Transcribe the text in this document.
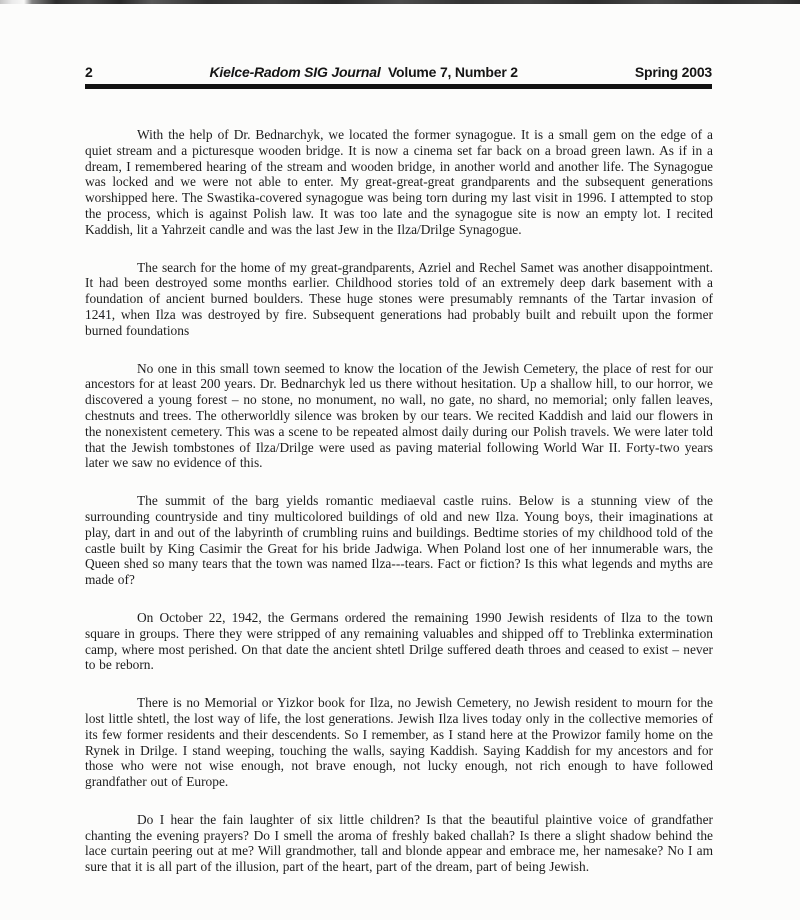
2	Kielce-Radom SIG Journal Volume 7, Number 2	Spring 2003

With the help of Dr. Bednarchyk, we located the former synagogue. It is a small gem on the edge of a quiet stream and a picturesque wooden bridge. It is now a cinema set far back on a broad green lawn. As if in a dream, I remembered hearing of the stream and wooden bridge, in another world and another life. The Synagogue was locked and we were not able to enter. My great-great-great grandparents and the subsequent generations worshipped here. The Swastika-covered synagogue was being torn during my last visit in 1996. I attempted to stop the process, which is against Polish law. It was too late and the synagogue site is now an empty lot. I recited Kaddish, lit a Yahrzeit candle and was the last Jew in the Ilza/Drilge Synagogue.

The search for the home of my great-grandparents, Azriel and Rechel Samet was another disappointment. It had been destroyed some months earlier. Childhood stories told of an extremely deep dark basement with a foundation of ancient burned boulders. These huge stones were presumably remnants of the Tartar invasion of 1241, when Ilza was destroyed by fire. Subsequent generations had probably built and rebuilt upon the former burned foundations

No one in this small town seemed to know the location of the Jewish Cemetery, the place of rest for our ancestors for at least 200 years. Dr. Bednarchyk led us there without hesitation. Up a shallow hill, to our horror, we discovered a young forest – no stone, no monument, no wall, no gate, no shard, no memorial; only fallen leaves, chestnuts and trees. The otherworldly silence was broken by our tears. We recited Kaddish and laid our flowers in the nonexistent cemetery. This was a scene to be repeated almost daily during our Polish travels. We were later told that the Jewish tombstones of Ilza/Drilge were used as paving material following World War II. Forty-two years later we saw no evidence of this.

The summit of the barg yields romantic mediaeval castle ruins. Below is a stunning view of the surrounding countryside and tiny multicolored buildings of old and new Ilza. Young boys, their imaginations at play, dart in and out of the labyrinth of crumbling ruins and buildings. Bedtime stories of my childhood told of the castle built by King Casimir the Great for his bride Jadwiga. When Poland lost one of her innumerable wars, the Queen shed so many tears that the town was named Ilza---tears. Fact or fiction? Is this what legends and myths are made of?

On October 22, 1942, the Germans ordered the remaining 1990 Jewish residents of Ilza to the town square in groups. There they were stripped of any remaining valuables and shipped off to Treblinka extermination camp, where most perished. On that date the ancient shtetl Drilge suffered death throes and ceased to exist – never to be reborn.

There is no Memorial or Yizkor book for Ilza, no Jewish Cemetery, no Jewish resident to mourn for the lost little shtetl, the lost way of life, the lost generations. Jewish Ilza lives today only in the collective memories of its few former residents and their descendents. So I remember, as I stand here at the Prowizor family home on the Rynek in Drilge. I stand weeping, touching the walls, saying Kaddish. Saying Kaddish for my ancestors and for those who were not wise enough, not brave enough, not lucky enough, not rich enough to have followed grandfather out of Europe.

Do I hear the fain laughter of six little children? Is that the beautiful plaintive voice of grandfather chanting the evening prayers? Do I smell the aroma of freshly baked challah? Is there a slight shadow behind the lace curtain peering out at me? Will grandmother, tall and blonde appear and embrace me, her namesake? No I am sure that it is all part of the illusion, part of the heart, part of the dream, part of being Jewish.
